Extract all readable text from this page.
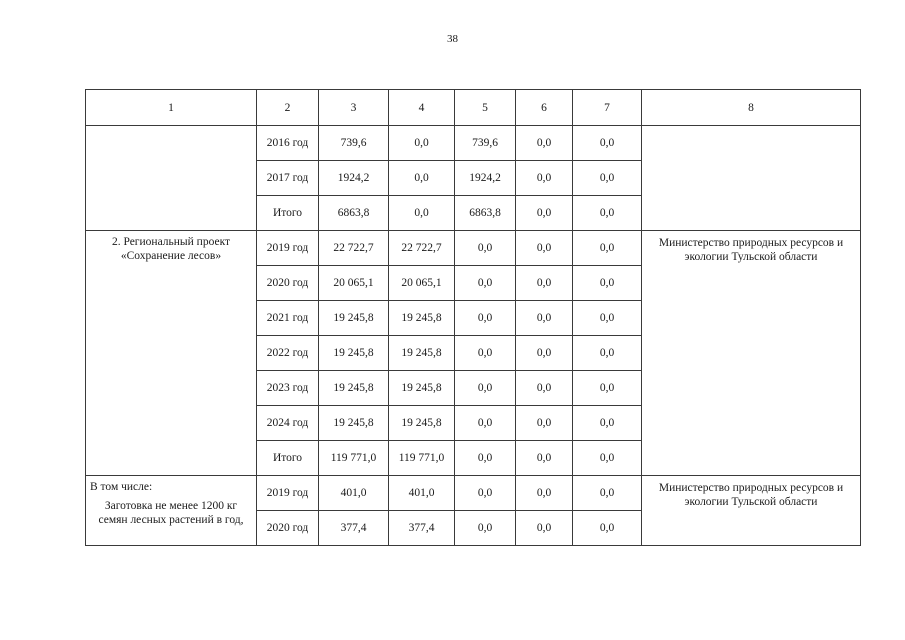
38
1	2	3	4	5	6	7	8
	2016 год	739,6	0,0	739,6	0,0	0,0	
	2017 год	1924,2	0,0	1924,2	0,0	0,0	
	Итого	6863,8	0,0	6863,8	0,0	0,0	

2. Региональный проект
«Сохранение лесов»	2019 год	22 722,7	22 722,7	0,0	0,0	0,0	Министерство природных ресурсов и
экологии Тульской области

	2020 год	20 065,1	20 065,1	0,0	0,0	0,0	
	2021 год	19 245,8	19 245,8	0,0	0,0	0,0	
	2022 год	19 245,8	19 245,8	0,0	0,0	0,0	
	2023 год	19 245,8	19 245,8	0,0	0,0	0,0	
	2024 год	19 245,8	19 245,8	0,0	0,0	0,0	
	Итого	119 771,0	119 771,0	0,0	0,0	0,0	

В том числе:
Заготовка не менее 1200 кг
семян лесных растений в год,	2019 год	401,0	401,0	0,0	0,0	0,0	Министерство природных ресурсов и
экологии Тульской области

	2020 год	377,4	377,4	0,0	0,0	0,0	
